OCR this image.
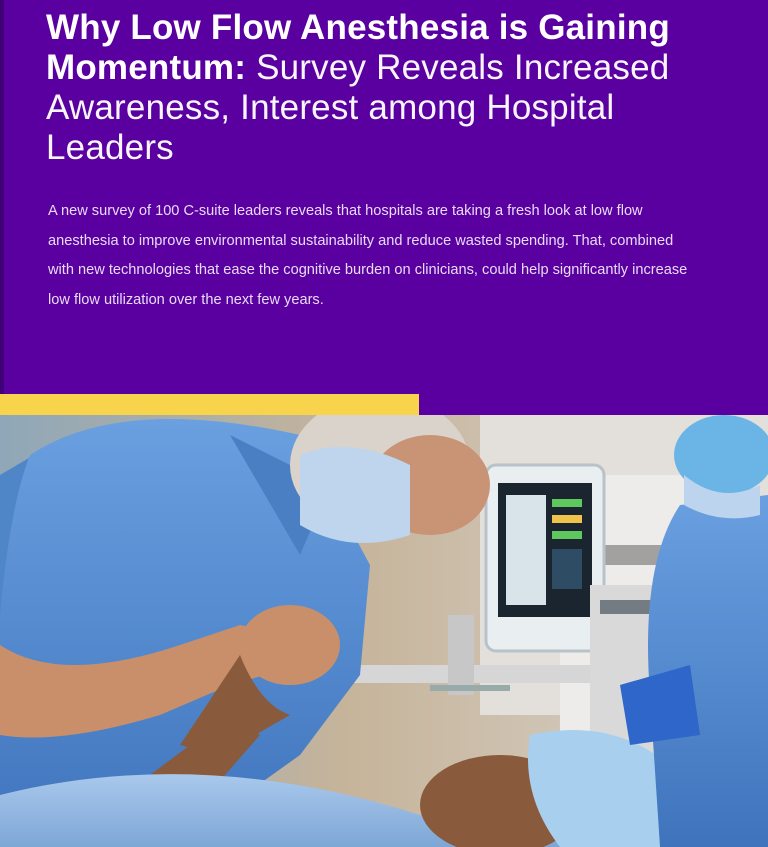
Why Low Flow Anesthesia is Gaining Momentum: Survey Reveals Increased Awareness, Interest among Hospital Leaders

A new survey of 100 C-suite leaders reveals that hospitals are taking a fresh look at low flow anesthesia to improve environmental sustainability and reduce wasted spending. That, combined with new technologies that ease the cognitive burden on clinicians, could help significantly increase low flow utilization over the next few years.
